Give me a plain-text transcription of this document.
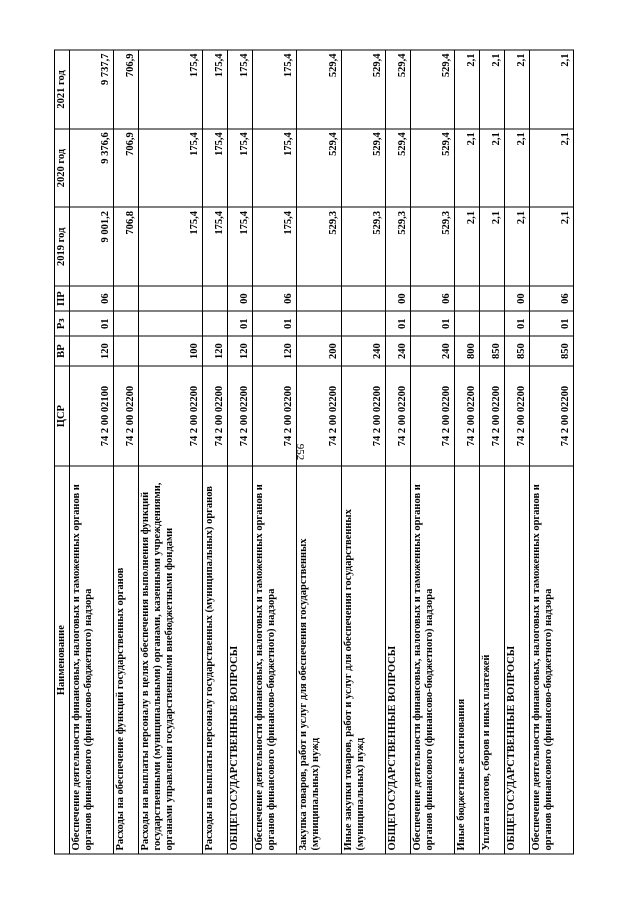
952
Наименование	ЦСР	ВР	Рз	ПР	2019 год	2020 год	2021 год
Обеспечение деятельности финансовых, налоговых и таможенных органов и органов финансового (финансово-бюджетного) надзора	74 2 00 02100	120	01	06	9 001,2	9 376,6	9 737,7
Расходы на обеспечение функций государственных органов	74 2 00 02200				706,8	706,9	706,9
Расходы на выплаты персоналу в целях обеспечения выполнения функций государственными (муниципальными) органами, казенными учреждениями, органами управления государственными внебюджетными фондами	74 2 00 02200	100			175,4	175,4	175,4
Расходы на выплаты персоналу государственных (муниципальных) органов	74 2 00 02200	120			175,4	175,4	175,4
ОБЩЕГОСУДАРСТВЕННЫЕ ВОПРОСЫ	74 2 00 02200	120	01	00	175,4	175,4	175,4
Обеспечение деятельности финансовых, налоговых и таможенных органов и органов финансового (финансово-бюджетного) надзора	74 2 00 02200	120	01	06	175,4	175,4	175,4
Закупка товаров, работ и услуг для обеспечения государственных (муниципальных) нужд	74 2 00 02200	200			529,3	529,4	529,4
Иные закупки товаров, работ и услуг для обеспечения государственных (муниципальных) нужд	74 2 00 02200	240			529,3	529,4	529,4
ОБЩЕГОСУДАРСТВЕННЫЕ ВОПРОСЫ	74 2 00 02200	240	01	00	529,3	529,4	529,4
Обеспечение деятельности финансовых, налоговых и таможенных органов и органов финансового (финансово-бюджетного) надзора	74 2 00 02200	240	01	06	529,3	529,4	529,4
Иные бюджетные ассигнования	74 2 00 02200	800			2,1	2,1	2,1
Уплата налогов, сборов и иных платежей	74 2 00 02200	850			2,1	2,1	2,1
ОБЩЕГОСУДАРСТВЕННЫЕ ВОПРОСЫ	74 2 00 02200	850	01	00	2,1	2,1	2,1
Обеспечение деятельности финансовых, налоговых и таможенных органов и органов финансового (финансово-бюджетного) надзора	74 2 00 02200	850	01	06	2,1	2,1	2,1
